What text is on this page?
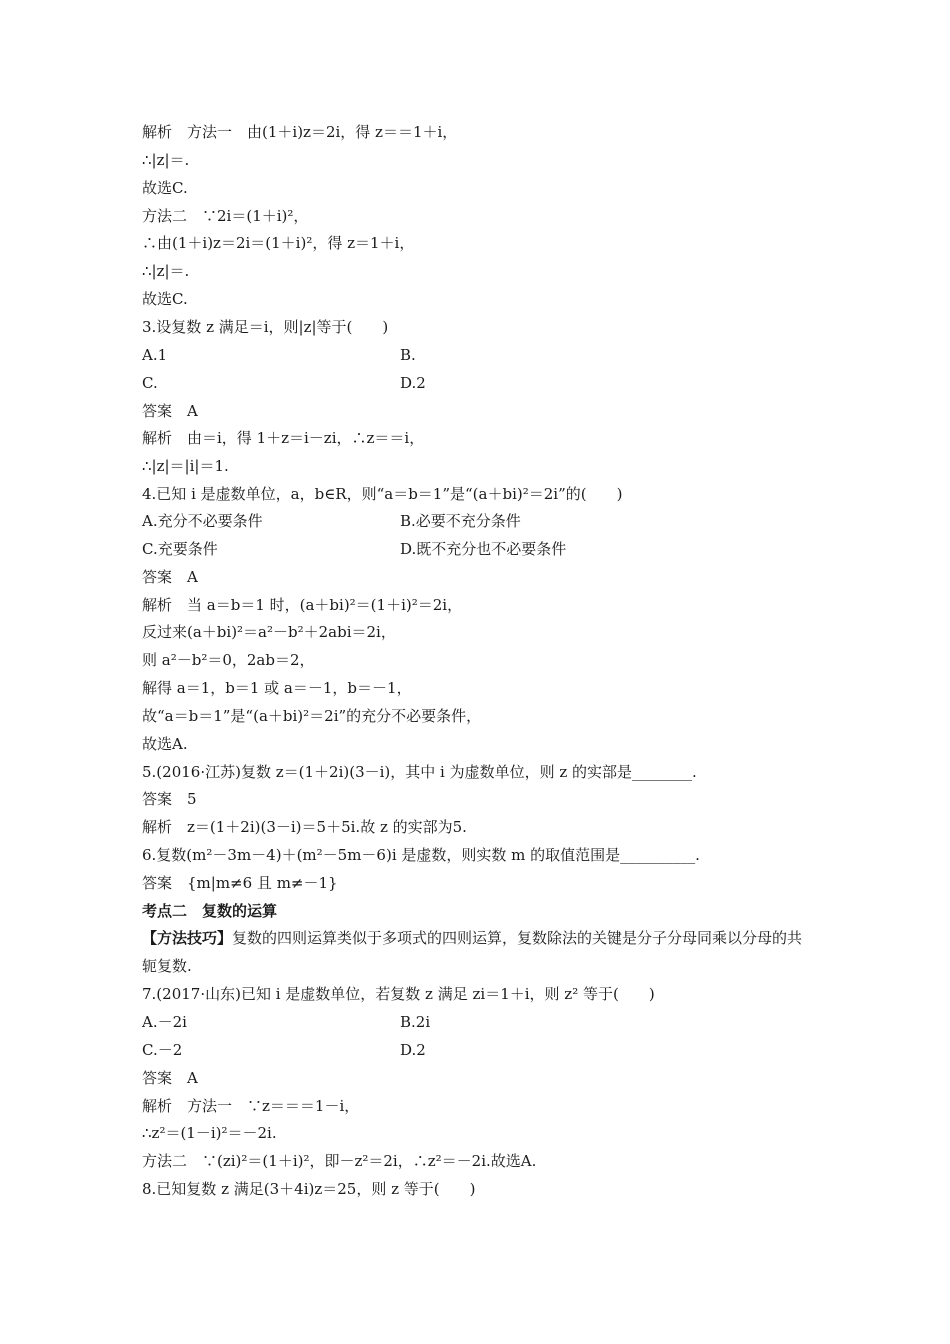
解析　方法一　由(1＋i)z＝2i，得 z＝＝1＋i，
∴|z|＝.
故选C.
方法二　∵2i＝(1＋i)²，
∴由(1＋i)z＝2i＝(1＋i)²，得 z＝1＋i，
∴|z|＝.
故选C.
3.设复数 z 满足＝i，则|z|等于(　　)
A.1	B.
C.	D.2
答案　A
解析　由＝i，得 1＋z＝i－zi，∴z＝＝i，
∴|z|＝|i|＝1.
4.已知 i 是虚数单位，a，b∈R，则“a＝b＝1”是“(a＋bi)²＝2i”的(　　)
A.充分不必要条件	B.必要不充分条件
C.充要条件	D.既不充分也不必要条件
答案　A
解析　当 a＝b＝1 时，(a＋bi)²＝(1＋i)²＝2i，
反过来(a＋bi)²＝a²－b²＋2abi＝2i，
则 a²－b²＝0，2ab＝2，
解得 a＝1，b＝1 或 a＝－1，b＝－1，
故“a＝b＝1”是“(a＋bi)²＝2i”的充分不必要条件，
故选A.
5.(2016·江苏)复数 z＝(1＋2i)(3－i)，其中 i 为虚数单位，则 z 的实部是________.
答案　5
解析　z＝(1＋2i)(3－i)＝5＋5i.故 z 的实部为5.
6.复数(m²－3m－4)＋(m²－5m－6)i 是虚数，则实数 m 的取值范围是__________.
答案　{m|m≠6 且 m≠－1}
考点二　复数的运算
【方法技巧】复数的四则运算类似于多项式的四则运算，复数除法的关键是分子分母同乘以分母的共轭复数.
7.(2017·山东)已知 i 是虚数单位，若复数 z 满足 zi＝1＋i，则 z² 等于(　　)
A.－2i	B.2i
C.－2	D.2
答案　A
解析　方法一　∵z＝＝＝1－i，
∴z²＝(1－i)²＝－2i.
方法二　∵(zi)²＝(1＋i)²，即－z²＝2i，∴z²＝－2i.故选A.
8.已知复数 z 满足(3＋4i)z＝25，则 z 等于(　　)
